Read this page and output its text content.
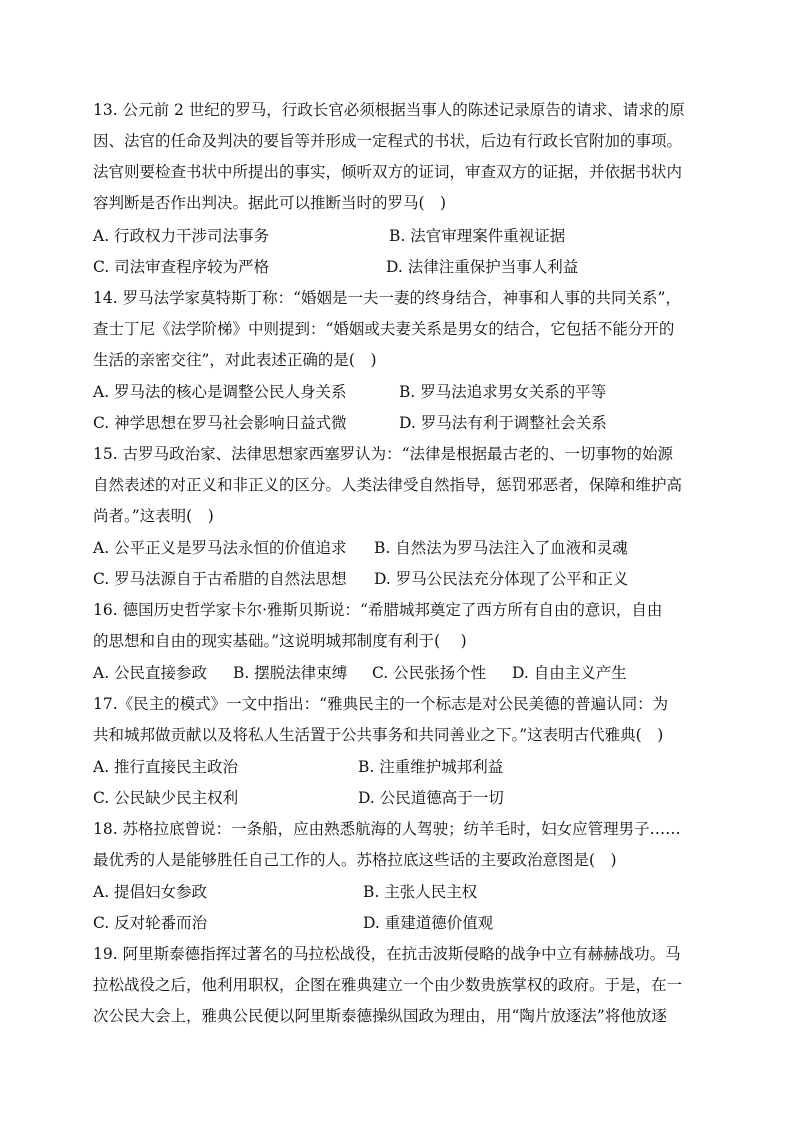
13. 公元前 2 世纪的罗马，行政长官必须根据当事人的陈述记录原告的请求、请求的原
因、法官的任命及判决的要旨等并形成一定程式的书状，后边有行政长官附加的事项。
法官则要检查书状中所提出的事实，倾听双方的证词，审查双方的证据，并依据书状内
容判断是否作出判决。据此可以推断当时的罗马(　)
A. 行政权力干涉司法事务	B. 法官审理案件重视证据
C. 司法审查程序较为严格	D. 法律注重保护当事人利益
14. 罗马法学家莫特斯丁称：“婚姻是一夫一妻的终身结合，神事和人事的共同关系”，
查士丁尼《法学阶梯》中则提到：“婚姻或夫妻关系是男女的结合，它包括不能分开的
生活的亲密交往”，对此表述正确的是(　)
A. 罗马法的核心是调整公民人身关系	B. 罗马法追求男女关系的平等
C. 神学思想在罗马社会影响日益式微	D. 罗马法有利于调整社会关系
15. 古罗马政治家、法律思想家西塞罗认为：“法律是根据最古老的、一切事物的始源
自然表述的对正义和非正义的区分。人类法律受自然指导，惩罚邪恶者，保障和维护高
尚者。”这表明(　)
A. 公平正义是罗马法永恒的价值追求 B. 自然法为罗马法注入了血液和灵魂
C. 罗马法源自于古希腊的自然法思想 D. 罗马公民法充分体现了公平和正义
16. 德国历史哲学家卡尔·雅斯贝斯说：“希腊城邦奠定了西方所有自由的意识，自由
的思想和自由的现实基础。”这说明城邦制度有利于(　 )
A. 公民直接参政 B. 摆脱法律束缚 C. 公民张扬个性 D. 自由主义产生
17.《民主的模式》一文中指出：“雅典民主的一个标志是对公民美德的普遍认同：为
共和城邦做贡献以及将私人生活置于公共事务和共同善业之下。”这表明古代雅典(　)
A. 推行直接民主政治	B. 注重维护城邦利益
C. 公民缺少民主权利	D. 公民道德高于一切
18. 苏格拉底曾说：一条船，应由熟悉航海的人驾驶；纺羊毛时，妇女应管理男子……
最优秀的人是能够胜任自己工作的人。苏格拉底这些话的主要政治意图是(　)
A. 提倡妇女参政	B. 主张人民主权
C. 反对轮番而治	D. 重建道德价值观
19. 阿里斯泰德指挥过著名的马拉松战役，在抗击波斯侵略的战争中立有赫赫战功。马
拉松战役之后，他利用职权，企图在雅典建立一个由少数贵族掌权的政府。于是，在一
次公民大会上，雅典公民便以阿里斯泰德操纵国政为理由，用“陶片放逐法”将他放逐
